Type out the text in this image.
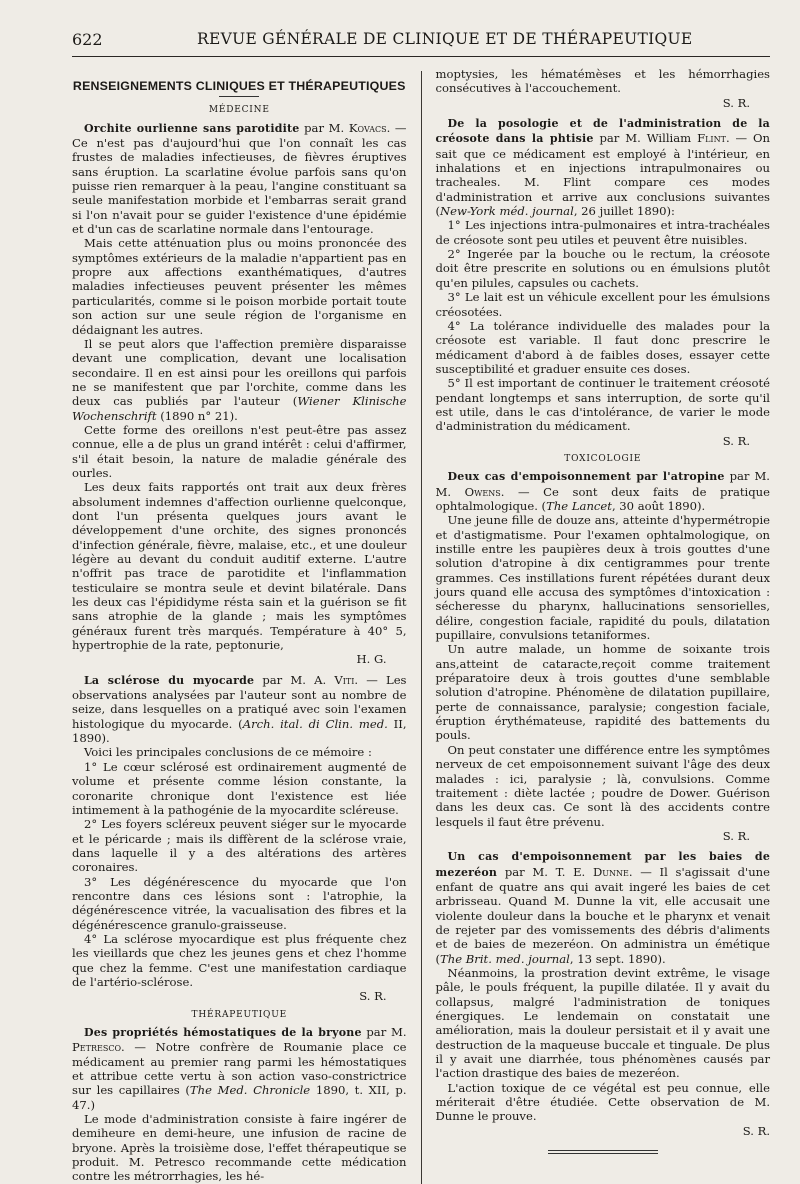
622	REVUE GÉNÉRALE DE CLINIQUE ET DE THÉRAPEUTIQUE
RENSEIGNEMENTS CLINIQUES ET THÉRAPEUTIQUES
MÉDECINE

Orchite ourlienne sans parotidite par M. Kovacs. — Ce n'est pas d'aujourd'hui que l'on connaît les cas frustes de maladies infectieuses, de fièvres éruptives sans éruption. La scarlatine évolue parfois sans qu'on puisse rien remarquer à la peau, l'angine constituant sa seule manifestation morbide et l'embarras serait grand si l'on n'avait pour se guider l'existence d'une épidémie et d'un cas de scarlatine normale dans l'entourage.

Mais cette atténuation plus ou moins prononcée des symptômes extérieurs de la maladie n'appartient pas en propre aux affections exanthématiques, d'autres maladies infectieuses peuvent présenter les mêmes particularités, comme si le poison morbide portait toute son action sur une seule région de l'organisme en dédaignant les autres.

Il se peut alors que l'affection première disparaisse devant une complication, devant une localisation secondaire. Il en est ainsi pour les oreillons qui parfois ne se manifestent que par l'orchite, comme dans les deux cas publiés par l'auteur (Wiener Klinische Wochenschrift (1890 n° 21).

Cette forme des oreillons n'est peut-être pas assez connue, elle a de plus un grand intérêt : celui d'affirmer, s'il était besoin, la nature de maladie générale des ourles.

Les deux faits rapportés ont trait aux deux frères absolument indemnes d'affection ourlienne quelconque, dont l'un présenta quelques jours avant le développement d'une orchite, des signes prononcés d'infection générale, fièvre, malaise, etc., et une douleur légère au devant du conduit auditif externe. L'autre n'offrit pas trace de parotidite et l'inflammation testiculaire se montra seule et devint bilatérale. Dans les deux cas l'épididyme résta sain et la guérison se fit sans atrophie de la glande ; mais les symptômes généraux furent très marqués. Température à 40° 5, hypertrophie de la rate, peptonurie,

H. G.

La sclérose du myocarde par M. A. Viti. — Les observations analysées par l'auteur sont au nombre de seize, dans lesquelles on a pratiqué avec soin l'examen histologique du myocarde. (Arch. ital. di Clin. med. II, 1890).

Voici les principales conclusions de ce mémoire :

1° Le cœur sclérosé est ordinairement augmenté de volume et présente comme lésion constante, la coronarite chronique dont l'existence est liée intimement à la pathogénie de la myocardite scléreuse.

2° Les foyers scléreux peuvent siéger sur le myocarde et le péricarde ; mais ils diffèrent de la sclérose vraie, dans laquelle il y a des altérations des artères coronaires.

3° Les dégénérescence du myocarde que l'on rencontre dans ces lésions sont : l'atrophie, la dégénérescence vitrée, la vacualisation des fibres et la dégénérescence granulo-graisseuse.

4° La sclérose myocardique est plus fréquente chez les vieillards que chez les jeunes gens et chez l'homme que chez la femme. C'est une manifestation cardiaque de l'artério-sclérose.

S. R.
THÉRAPEUTIQUE

Des propriétés hémostatiques de la bryone par M. Petresco. — Notre confrère de Roumanie place ce médicament au premier rang parmi les hémostatiques et attribue cette vertu à son action vaso-constrictrice sur les capillaires (The Med. Chronicle 1890, t. XII, p. 47.)

Le mode d'administration consiste à faire ingérer de demiheure en demi-heure, une infusion de racine de bryone. Après la troisième dose, l'effet thérapeutique se produit. M. Petresco recommande cette médication contre les métrorrhagies, les hé-

moptysies, les hématémèses et les hémorrhagies consécutives à l'accouchement.

S. R.

De la posologie et de l'administration de la créosote dans la phtisie par M. William Flint. — On sait que ce médicament est employé à l'intérieur, en inhalations et en injections intrapulmonaires ou tracheales. M. Flint compare ces modes d'administration et arrive aux conclusions suivantes (New-York méd. journal, 26 juillet 1890):

1° Les injections intra-pulmonaires et intra-trachéales de créosote sont peu utiles et peuvent être nuisibles.

2° Ingerée par la bouche ou le rectum, la créosote doit être prescrite en solutions ou en émulsions plutôt qu'en pilules, capsules ou cachets.

3° Le lait est un véhicule excellent pour les émulsions créosotées.

4° La tolérance individuelle des malades pour la créosote est variable. Il faut donc prescrire le médicament d'abord à de faibles doses, essayer cette susceptibilité et graduer ensuite ces doses.

5° Il est important de continuer le traitement créosoté pendant longtemps et sans interruption, de sorte qu'il est utile, dans le cas d'intolérance, de varier le mode d'administration du médicament.

S. R.
TOXICOLOGIE

Deux cas d'empoisonnement par l'atropine par M. M. Owens. — Ce sont deux faits de pratique ophtalmologique. (The Lancet, 30 août 1890).

Une jeune fille de douze ans, atteinte d'hypermétropie et d'astigmatisme. Pour l'examen ophtalmologique, on instille entre les paupières deux à trois gouttes d'une solution d'atropine à dix centigrammes pour trente grammes. Ces instillations furent répétées durant deux jours quand elle accusa des symptômes d'intoxication : sécheresse du pharynx, hallucinations sensorielles, délire, congestion faciale, rapidité du pouls, dilatation pupillaire, convulsions tetaniformes.

Un autre malade, un homme de soixante trois ans,atteint de cataracte,reçoit comme traitement préparatoire deux à trois gouttes d'une semblable solution d'atropine. Phénomène de dilatation pupillaire, perte de connaissance, paralysie; congestion faciale, éruption érythémateuse, rapidité des battements du pouls.

On peut constater une différence entre les symptômes nerveux de cet empoisonnement suivant l'âge des deux malades : ici, paralysie ; là, convulsions. Comme traitement : diète lactée ; poudre de Dower. Guérison dans les deux cas. Ce sont là des accidents contre lesquels il faut être prévenu.

S. R.

Un cas d'empoisonnement par les baies de mezeréon par M. T. E. Dunne. — Il s'agissait d'une enfant de quatre ans qui avait ingeré les baies de cet arbrisseau. Quand M. Dunne la vit, elle accusait une violente douleur dans la bouche et le pharynx et venait de rejeter par des vomissements des débris d'aliments et de baies de mezeréon. On administra un émétique (The Brit. med. journal, 13 sept. 1890).

Néanmoins, la prostration devint extrême, le visage pâle, le pouls fréquent, la pupille dilatée. Il y avait du collapsus, malgré l'administration de toniques énergiques. Le lendemain on constatait une amélioration, mais la douleur persistait et il y avait une destruction de la maqueuse buccale et tinguale. De plus il y avait une diarrhée, tous phénomènes causés par l'action drastique des baies de mezeréon.

L'action toxique de ce végétal est peu connue, elle mériterait d'être étudiée. Cette observation de M. Dunne le prouve.

S. R.
